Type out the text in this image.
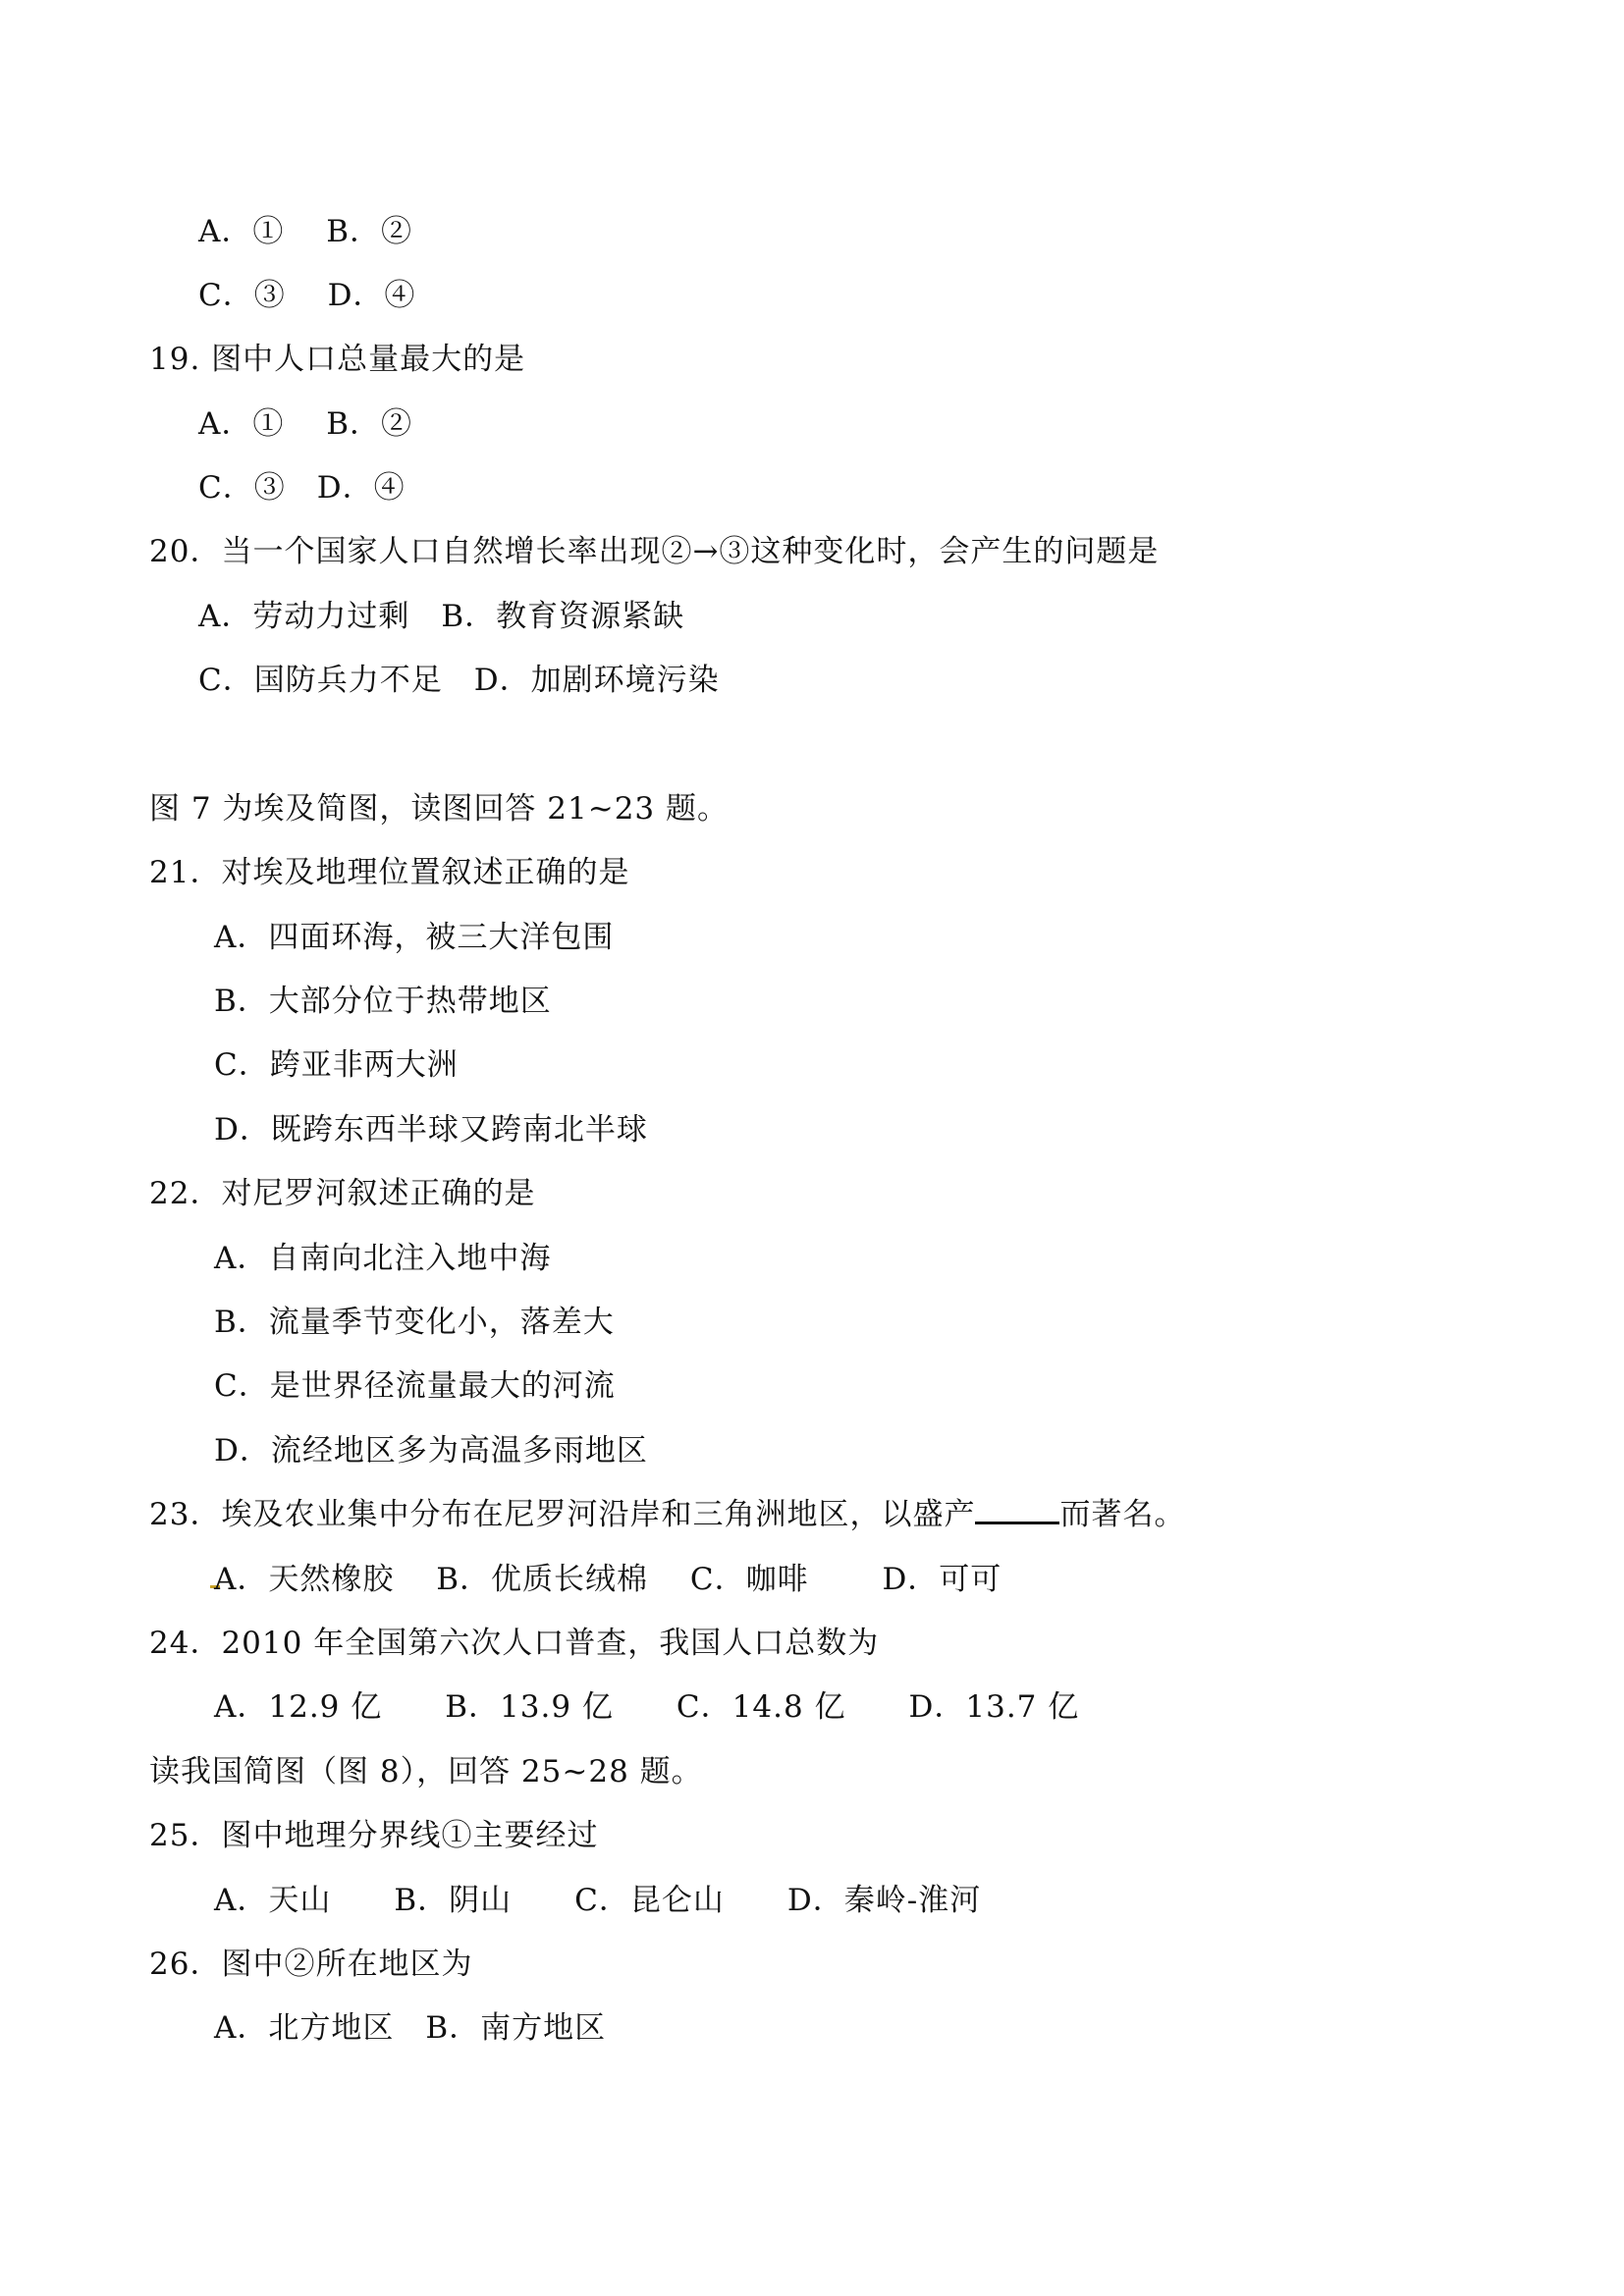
A．①　 B．②
C．③　 D．④
19. 图中人口总量最大的是
A．①　 B．②
C．③　D．④
20．当一个国家人口自然增长率出现②→③这种变化时，会产生的问题是
A．劳动力过剩　B．教育资源紧缺
C．国防兵力不足　D．加剧环境污染
图 7 为埃及简图，读图回答 21~23 题。
21．对埃及地理位置叙述正确的是
A．四面环海，被三大洋包围
B．大部分位于热带地区
C．跨亚非两大洲
D．既跨东西半球又跨南北半球
22．对尼罗河叙述正确的是
A．自南向北注入地中海
B．流量季节变化小，落差大
C．是世界径流量最大的河流
D．流经地区多为高温多雨地区
23．埃及农业集中分布在尼罗河沿岸和三角洲地区，以盛产	而著名。
A．天然橡胶　 B．优质长绒棉　 C．咖啡　　 D．可可
24．2010 年全国第六次人口普查，我国人口总数为
A．12.9 亿　　B．13.9 亿　　C．14.8 亿　　D．13.7 亿
读我国简图（图 8），回答 25~28 题。
25．图中地理分界线①主要经过
A．天山　　B．阴山　　C．昆仑山　　D．秦岭-淮河
26．图中②所在地区为
A．北方地区　B．南方地区
